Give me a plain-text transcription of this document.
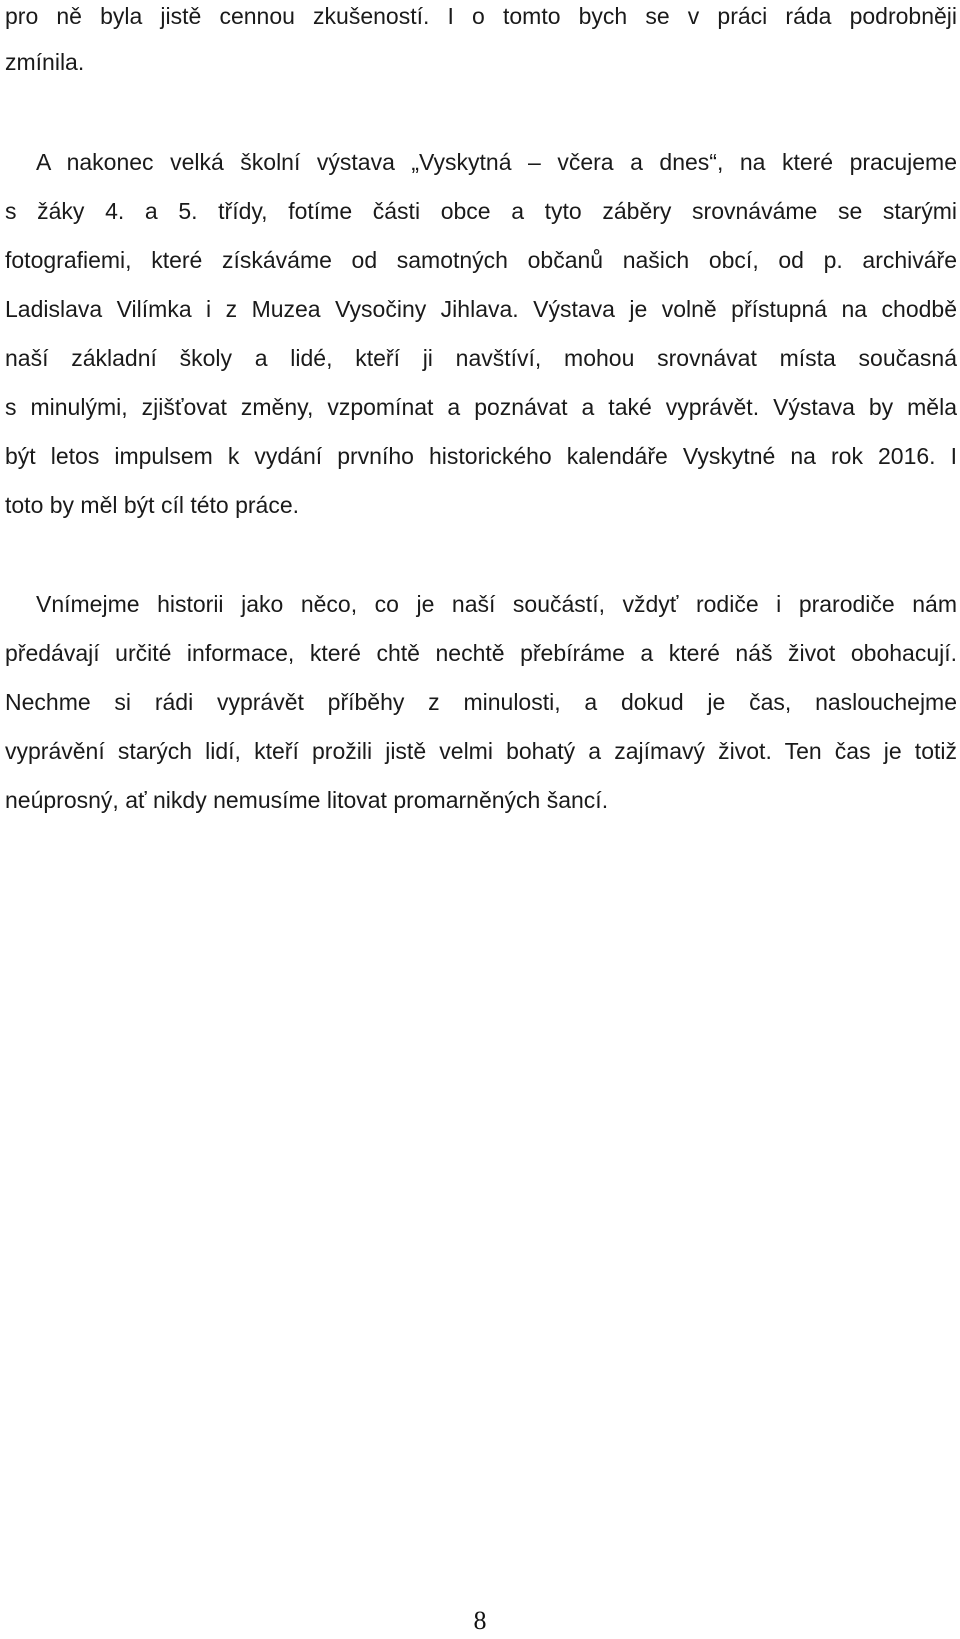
pro ně byla jistě cennou zkušeností. I o tomto bych se v práci ráda podrobněji
zmínila.
A nakonec velká školní výstava „Vyskytná – včera a dnes“, na které pracujeme
s žáky 4. a 5. třídy, fotíme části obce a tyto záběry srovnáváme se starými
fotografiemi, které získáváme od samotných občanů našich obcí, od p. archiváře
Ladislava Vilímka i z Muzea Vysočiny Jihlava. Výstava je volně přístupná na chodbě
naší základní školy a lidé, kteří ji navštíví, mohou srovnávat místa současná
s minulými, zjišťovat změny, vzpomínat a poznávat a také vyprávět. Výstava by měla
být letos impulsem k vydání prvního historického kalendáře Vyskytné na rok 2016. I
toto by měl být cíl této práce.
Vnímejme historii jako něco, co je naší součástí, vždyť rodiče i prarodiče nám
předávají určité informace, které chtě nechtě přebíráme a které náš život obohacují.
Nechme si rádi vyprávět příběhy z minulosti, a dokud je čas, naslouchejme
vyprávění starých lidí, kteří prožili jistě velmi bohatý a zajímavý život. Ten čas je totiž
neúprosný, ať nikdy nemusíme litovat promarněných šancí.
8
